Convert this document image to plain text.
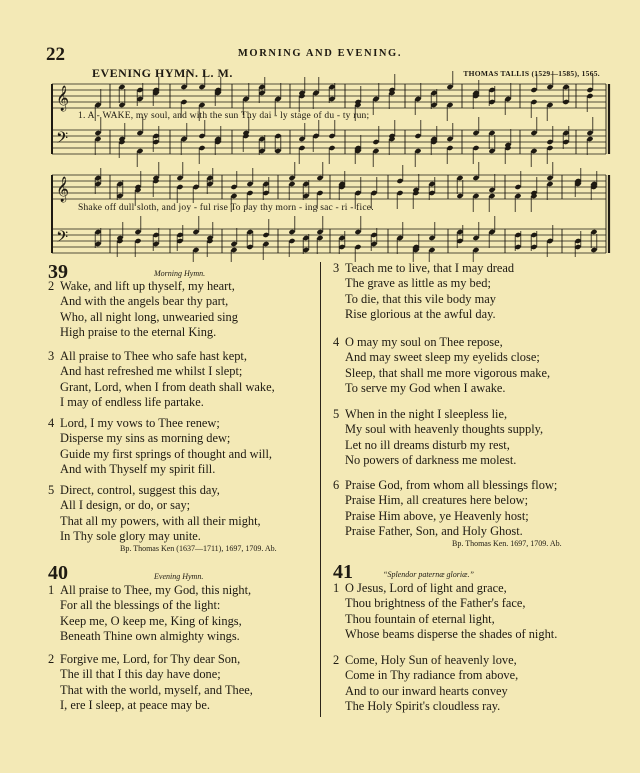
22	MORNING AND EVENING.
EVENING HYMN. L. M.	THOMAS TALLIS (1529—1585), 1565.
𝄞
𝄢
𝄞
𝄢
1. A - WAKE, my soul, and with the sun Thy dai - ly stage of du - ty run;
Shake off dull sloth, and joy - ful rise To pay thy morn - ing sac - ri - fice.
39	Morning Hymn.
2 Wake, and lift up thyself, my heart,
And with the angels bear thy part,
Who, all night long, unwearied sing
High praise to the eternal King.
3 All praise to Thee who safe hast kept,
And hast refreshed me whilst I slept;
Grant, Lord, when I from death shall wake,
I may of endless life partake.
4 Lord, I my vows to Thee renew;
Disperse my sins as morning dew;
Guide my first springs of thought and will,
And with Thyself my spirit fill.
5 Direct, control, suggest this day,
All I design, or do, or say;
That all my powers, with all their might,
In Thy sole glory may unite.
Bp. Thomas Ken (1637—1711), 1697, 1709. Ab.
3 Teach me to live, that I may dread
The grave as little as my bed;
To die, that this vile body may
Rise glorious at the awful day.
4 O may my soul on Thee repose,
And may sweet sleep my eyelids close;
Sleep, that shall me more vigorous make,
To serve my God when I awake.
5 When in the night I sleepless lie,
My soul with heavenly thoughts supply,
Let no ill dreams disturb my rest,
No powers of darkness me molest.
6 Praise God, from whom all blessings flow;
Praise Him, all creatures here below;
Praise Him above, ye Heavenly host;
Praise Father, Son, and Holy Ghost.
Bp. Thomas Ken. 1697, 1709. Ab.
40	Evening Hymn.
1 All praise to Thee, my God, this night,
For all the blessings of the light:
Keep me, O keep me, King of kings,
Beneath Thine own almighty wings.
2 Forgive me, Lord, for Thy dear Son,
The ill that I this day have done;
That with the world, myself, and Thee,
I, ere I sleep, at peace may be.
41	“Splendor paternæ gloriæ.”
1 O Jesus, Lord of light and grace,
Thou brightness of the Father's face,
Thou fountain of eternal light,
Whose beams disperse the shades of night.
2 Come, Holy Sun of heavenly love,
Come in Thy radiance from above,
And to our inward hearts convey
The Holy Spirit's cloudless ray.
